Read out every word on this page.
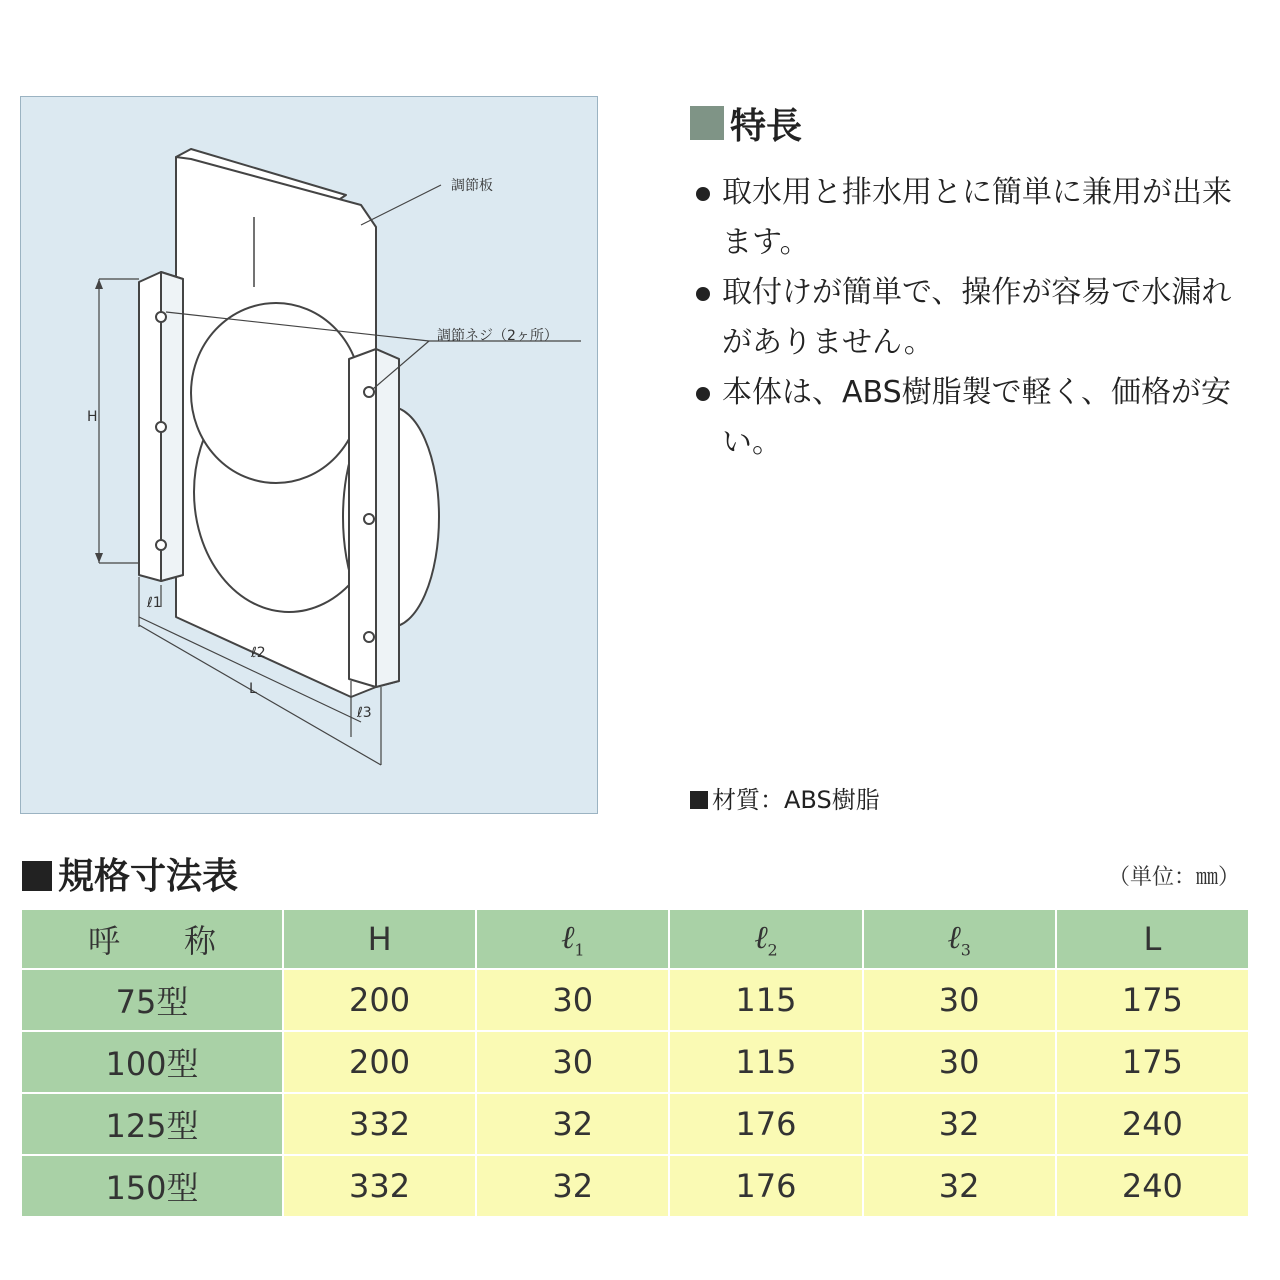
調節板
調節ネジ（2ヶ所）
H
ℓ1
ℓ2
L
ℓ3
特長
取水用と排水用とに簡単に兼用が出来ます。
取付けが簡単で、操作が容易で水漏れがありません。
本体は、ABS樹脂製で軽く、価格が安い。
材質：ABS樹脂
規格寸法表	（単位：㎜）
呼　　称	H	ℓ$_1$	ℓ$_2$	ℓ$_3$	L
75型	200	30	115	30	175
100型	200	30	115	30	175
125型	332	32	176	32	240
150型	332	32	176	32	240
